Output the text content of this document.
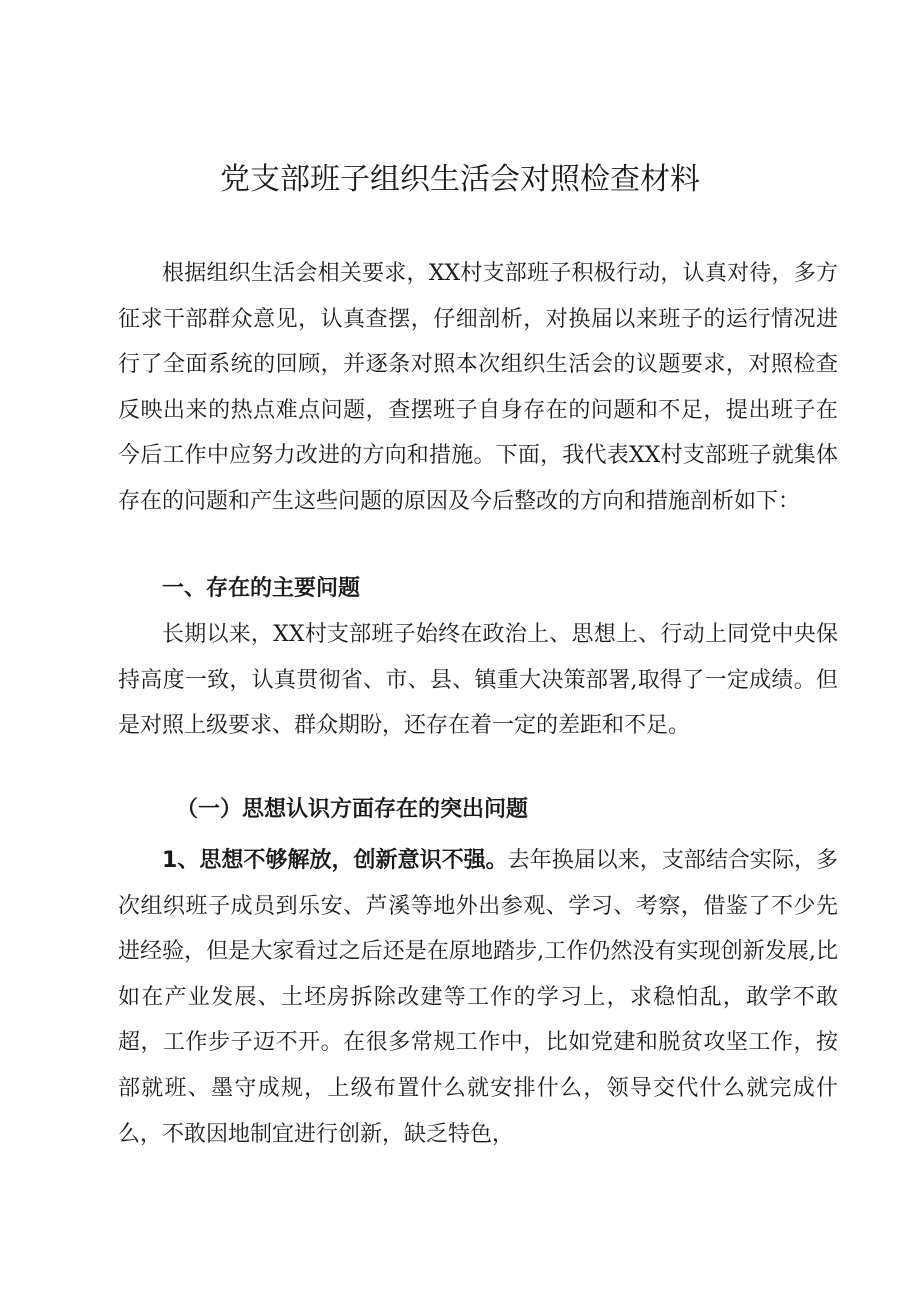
党支部班子组织生活会对照检查材料
根据组织生活会相关要求，XX村支部班子积极行动，认真对待，多方征求干部群众意见，认真查摆，仔细剖析，对换届以来班子的运行情况进行了全面系统的回顾，并逐条对照本次组织生活会的议题要求，对照检查反映出来的热点难点问题，查摆班子自身存在的问题和不足，提出班子在今后工作中应努力改进的方向和措施。下面，我代表XX村支部班子就集体存在的问题和产生这些问题的原因及今后整改的方向和措施剖析如下：
一、存在的主要问题
长期以来，XX村支部班子始终在政治上、思想上、行动上同党中央保持高度一致，认真贯彻省、市、县、镇重大决策部署,取得了一定成绩。但是对照上级要求、群众期盼，还存在着一定的差距和不足。
（一）思想认识方面存在的突出问题
1、思想不够解放，创新意识不强。去年换届以来，支部结合实际，多次组织班子成员到乐安、芦溪等地外出参观、学习、考察，借鉴了不少先进经验，但是大家看过之后还是在原地踏步,工作仍然没有实现创新发展,比如在产业发展、土坯房拆除改建等工作的学习上，求稳怕乱，敢学不敢超，工作步子迈不开。在很多常规工作中，比如党建和脱贫攻坚工作，按部就班、墨守成规，上级布置什么就安排什么，领导交代什么就完成什么，不敢因地制宜进行创新，缺乏特色，
